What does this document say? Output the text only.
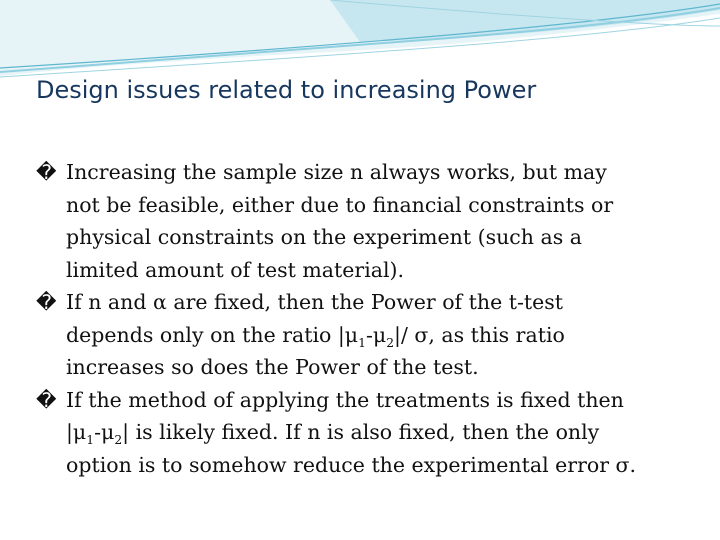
Design issues related to increasing Power
� Increasing the sample size n always works, but may
not be feasible, either due to financial constraints or
physical constraints on the experiment (such as a
limited amount of test material).
� If n and α are fixed, then the Power of the t-test
depends only on the ratio $|\mu_1-\mu_2|/$ σ, as this ratio
increases so does the Power of the test.
� If the method of applying the treatments is fixed then
$|\mu_1-\mu_2|$ is likely fixed. If n is also fixed, then the only
option is to somehow reduce the experimental error σ.
